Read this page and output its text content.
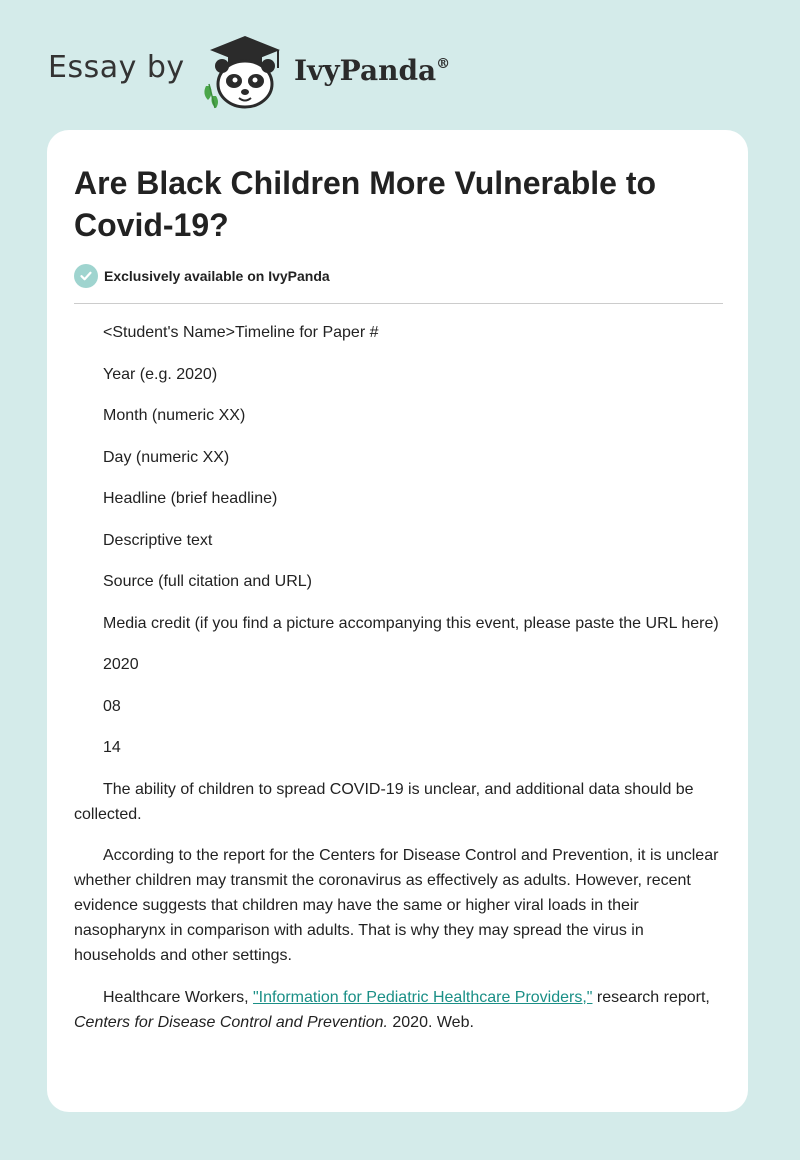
Essay by	IvyPanda®
Are Black Children More Vulnerable to Covid-19?
Exclusively available on IvyPanda

<Student's Name>Timeline for Paper #

Year (e.g. 2020)

Month (numeric XX)

Day (numeric XX)

Headline (brief headline)

Descriptive text

Source (full citation and URL)

Media credit (if you find a picture accompanying this event, please paste the URL here)

2020

08

14

The ability of children to spread COVID-19 is unclear, and additional data should be collected.

According to the report for the Centers for Disease Control and Prevention, it is unclear whether children may transmit the coronavirus as effectively as adults. However, recent evidence suggests that children may have the same or higher viral loads in their nasopharynx in comparison with adults. That is why they may spread the virus in households and other settings.

Healthcare Workers, "Information for Pediatric Healthcare Providers," research report, Centers for Disease Control and Prevention. 2020. Web.
